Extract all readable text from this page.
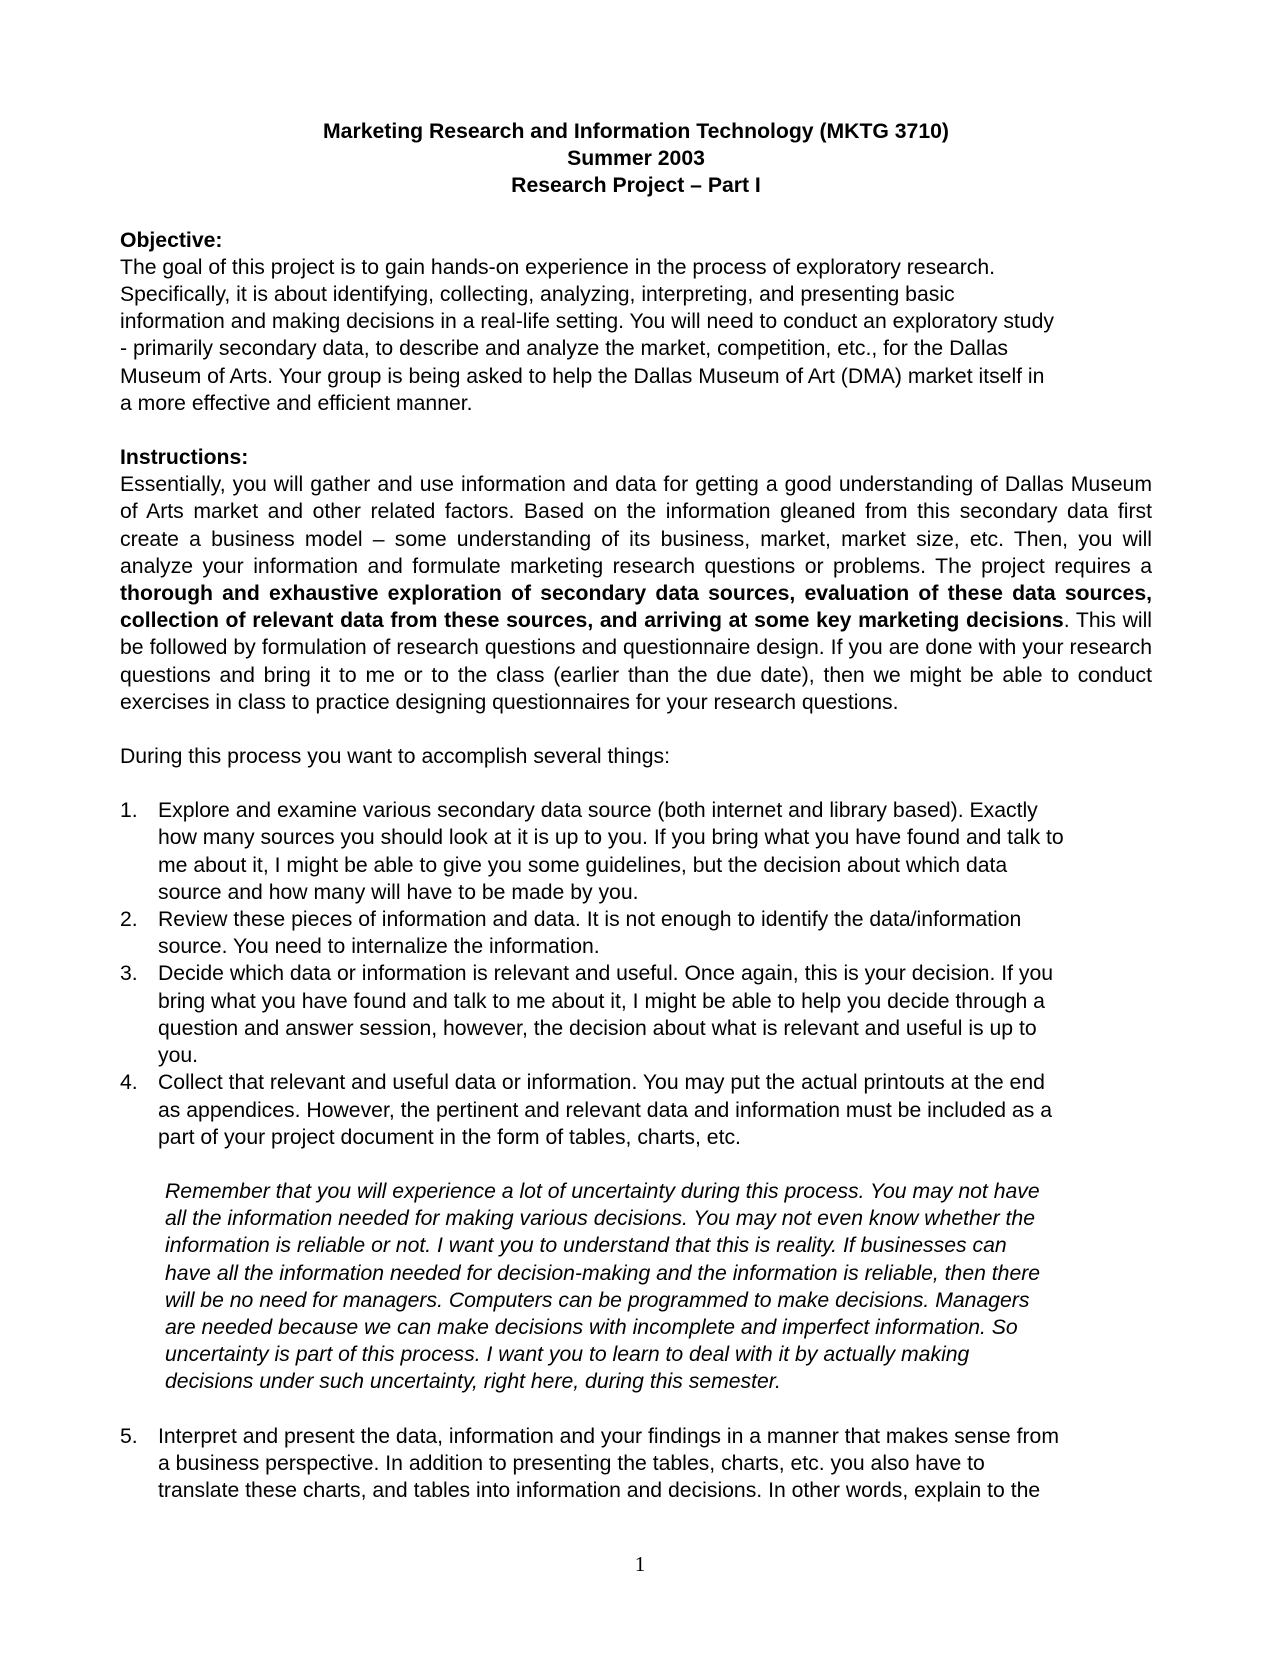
Marketing Research and Information Technology (MKTG 3710)
Summer 2003
Research Project – Part I
Objective:
The goal of this project is to gain hands-on experience in the process of exploratory research.
Specifically, it is about identifying, collecting, analyzing, interpreting, and presenting basic
information and making decisions in a real-life setting. You will need to conduct an exploratory study
- primarily secondary data, to describe and analyze the market, competition, etc., for the Dallas
Museum of Arts. Your group is being asked to help the Dallas Museum of Art (DMA) market itself in
a more effective and efficient manner.
Instructions:
Essentially, you will gather and use information and data for getting a good understanding of Dallas Museum of Arts market and other related factors. Based on the information gleaned from this secondary data first create a business model – some understanding of its business, market, market size, etc. Then, you will analyze your information and formulate marketing research questions or problems. The project requires a thorough and exhaustive exploration of secondary data sources, evaluation of these data sources, collection of relevant data from these sources, and arriving at some key marketing decisions. This will be followed by formulation of research questions and questionnaire design. If you are done with your research questions and bring it to me or to the class (earlier than the due date), then we might be able to conduct exercises in class to practice designing questionnaires for your research questions.
During this process you want to accomplish several things:
1. Explore and examine various secondary data source (both internet and library based). Exactly
how many sources you should look at it is up to you. If you bring what you have found and talk to
me about it, I might be able to give you some guidelines, but the decision about which data
source and how many will have to be made by you.
2. Review these pieces of information and data. It is not enough to identify the data/information
source. You need to internalize the information.
3. Decide which data or information is relevant and useful. Once again, this is your decision. If you
bring what you have found and talk to me about it, I might be able to help you decide through a
question and answer session, however, the decision about what is relevant and useful is up to
you.
4. Collect that relevant and useful data or information. You may put the actual printouts at the end
as appendices. However, the pertinent and relevant data and information must be included as a
part of your project document in the form of tables, charts, etc.
Remember that you will experience a lot of uncertainty during this process. You may not have
all the information needed for making various decisions. You may not even know whether the
information is reliable or not. I want you to understand that this is reality. If businesses can
have all the information needed for decision-making and the information is reliable, then there
will be no need for managers. Computers can be programmed to make decisions. Managers
are needed because we can make decisions with incomplete and imperfect information. So
uncertainty is part of this process. I want you to learn to deal with it by actually making
decisions under such uncertainty, right here, during this semester.
5. Interpret and present the data, information and your findings in a manner that makes sense from
a business perspective. In addition to presenting the tables, charts, etc. you also have to
translate these charts, and tables into information and decisions. In other words, explain to the
1
